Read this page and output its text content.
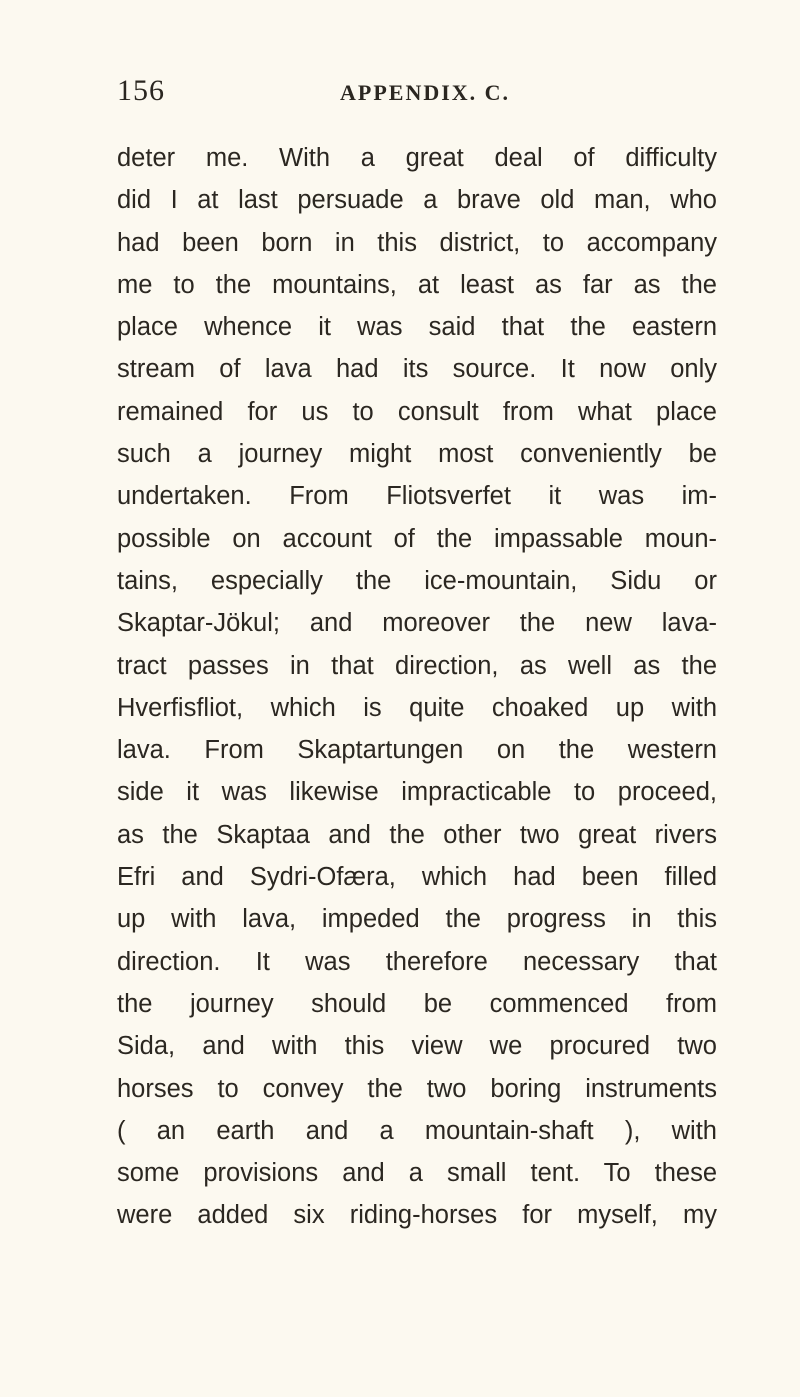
156	APPENDIX. C.
deter me. With a great deal of difficulty
did I at last persuade a brave old man, who
had been born in this district, to accompany
me to the mountains, at least as far as the
place whence it was said that the eastern
stream of lava had its source. It now only
remained for us to consult from what place
such a journey might most conveniently be
undertaken. From Fliotsverfet it was im-
possible on account of the impassable moun-
tains, especially the ice-mountain, Sidu or
Skaptar-Jökul; and moreover the new lava-
tract passes in that direction, as well as the
Hverfisfliot, which is quite choaked up with
lava. From Skaptartungen on the western
side it was likewise impracticable to proceed,
as the Skaptaa and the other two great rivers
Efri and Sydri-Ofæra, which had been filled
up with lava, impeded the progress in this
direction. It was therefore necessary that
the journey should be commenced from
Sida, and with this view we procured two
horses to convey the two boring instruments
( an earth and a mountain-shaft ), with
some provisions and a small tent. To these
were added six riding-horses for myself, my
